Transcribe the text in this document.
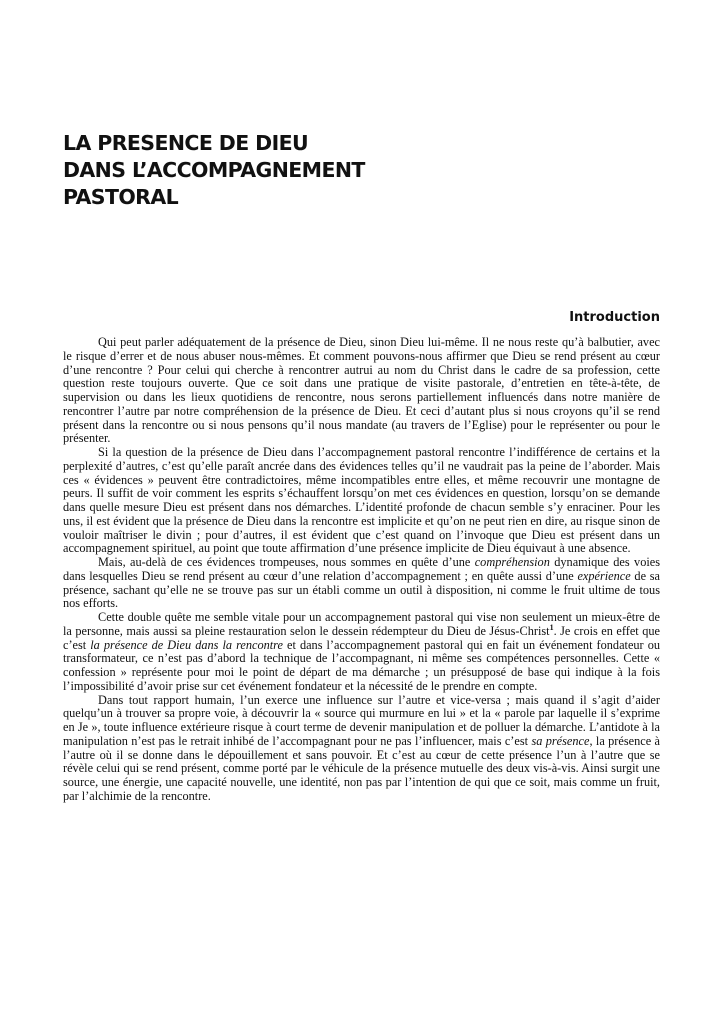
LA PRESENCE DE DIEU
DANS L’ACCOMPAGNEMENT
PASTORAL
Introduction

Qui peut parler adéquatement de la présence de Dieu, sinon Dieu lui-même. Il ne nous reste qu’à balbutier, avec le risque d’errer et de nous abuser nous-mêmes. Et comment pouvons-nous affirmer que Dieu se rend présent au cœur d’une rencontre ? Pour celui qui cherche à rencontrer autrui au nom du Christ dans le cadre de sa profession, cette question reste toujours ouverte. Que ce soit dans une pratique de visite pastorale, d’entretien en tête-à-tête, de supervision ou dans les lieux quotidiens de rencontre, nous serons partiellement influencés dans notre manière de rencontrer l’autre par notre compréhension de la présence de Dieu. Et ceci d’autant plus si nous croyons qu’il se rend présent dans la rencontre ou si nous pensons qu’il nous mandate (au travers de l’Eglise) pour le représenter ou pour le présenter.

Si la question de la présence de Dieu dans l’accompagnement pastoral rencontre l’indifférence de certains et la perplexité d’autres, c’est qu’elle paraît ancrée dans des évidences telles qu’il ne vaudrait pas la peine de l’aborder. Mais ces « évidences » peuvent être contradictoires, même incompatibles entre elles, et même recouvrir une montagne de peurs. Il suffit de voir comment les esprits s’échauffent lorsqu’on met ces évidences en question, lorsqu’on se demande dans quelle mesure Dieu est présent dans nos démarches. L’identité profonde de chacun semble s’y enraciner. Pour les uns, il est évident que la présence de Dieu dans la rencontre est implicite et qu’on ne peut rien en dire, au risque sinon de vouloir maîtriser le divin ; pour d’autres, il est évident que c’est quand on l’invoque que Dieu est présent dans un accompagnement spirituel, au point que toute affirmation d’une présence implicite de Dieu équivaut à une absence.

Mais, au-delà de ces évidences trompeuses, nous sommes en quête d’une compréhension dynamique des voies dans lesquelles Dieu se rend présent au cœur d’une relation d’accompagnement ; en quête aussi d’une expérience de sa présence, sachant qu’elle ne se trouve pas sur un établi comme un outil à disposition, ni comme le fruit ultime de tous nos efforts.

Cette double quête me semble vitale pour un accompagnement pastoral qui vise non seulement un mieux-être de la personne, mais aussi sa pleine restauration selon le dessein rédempteur du Dieu de Jésus-Christ$^1$. Je crois en effet que c’est la présence de Dieu dans la rencontre et dans l’accompagnement pastoral qui en fait un événement fondateur ou transformateur, ce n’est pas d’abord la technique de l’accompagnant, ni même ses compétences personnelles. Cette « confession » représente pour moi le point de départ de ma démarche ; un présupposé de base qui indique à la fois l’impossibilité d’avoir prise sur cet événement fondateur et la nécessité de le prendre en compte.

Dans tout rapport humain, l’un exerce une influence sur l’autre et vice-versa ; mais quand il s’agit d’aider quelqu’un à trouver sa propre voie, à découvrir la « source qui murmure en lui » et la « parole par laquelle il s’exprime en Je », toute influence extérieure risque à court terme de devenir manipulation et de polluer la démarche. L’antidote à la manipulation n’est pas le retrait inhibé de l’accompagnant pour ne pas l’influencer, mais c’est sa présence, la présence à l’autre où il se donne dans le dépouillement et sans pouvoir. Et c’est au cœur de cette présence l’un à l’autre que se révèle celui qui se rend présent, comme porté par le véhicule de la présence mutuelle des deux vis-à-vis. Ainsi surgit une source, une énergie, une capacité nouvelle, une identité, non pas par l’intention de qui que ce soit, mais comme un fruit, par l’alchimie de la rencontre.
